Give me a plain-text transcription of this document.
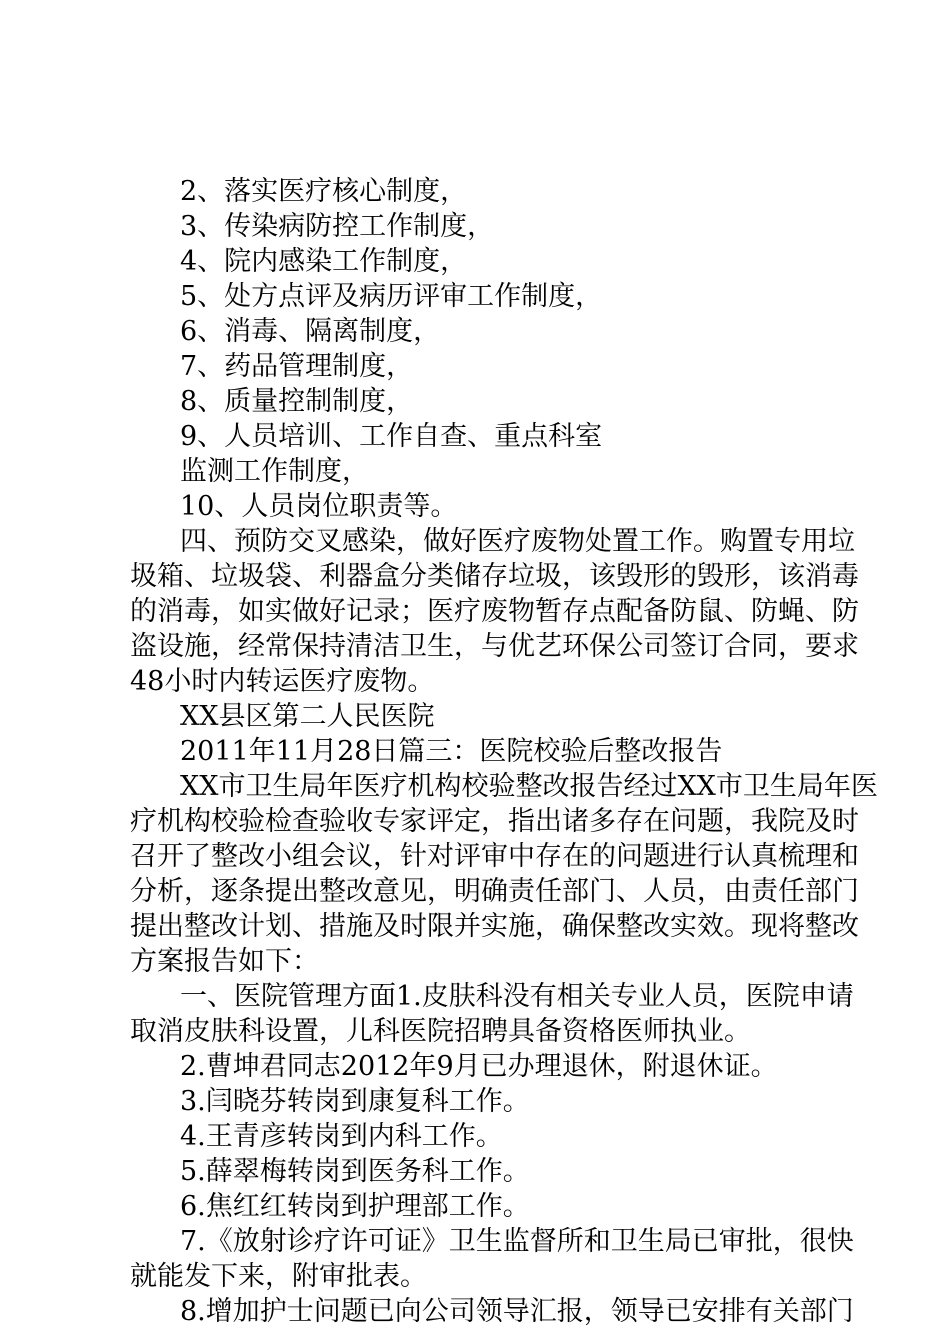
2、落实医疗核心制度，
3、传染病防控工作制度，
4、院内感染工作制度，
5、处方点评及病历评审工作制度，
6、消毒、隔离制度，
7、药品管理制度，
8、质量控制制度，
9、人员培训、工作自查、重点科室
监测工作制度，
10、人员岗位职责等。
四、预防交叉感染，做好医疗废物处置工作。购置专用垃
圾箱、垃圾袋、利器盒分类储存垃圾，该毁形的毁形，该消毒
的消毒，如实做好记录；医疗废物暂存点配备防鼠、防蝇、防
盗设施，经常保持清洁卫生，与优艺环保公司签订合同，要求
48小时内转运医疗废物。
XX县区第二人民医院
2011年11月28日篇三：医院校验后整改报告
XX市卫生局年医疗机构校验整改报告经过XX市卫生局年医
疗机构校验检查验收专家评定，指出诸多存在问题，我院及时
召开了整改小组会议，针对评审中存在的问题进行认真梳理和
分析，逐条提出整改意见，明确责任部门、人员，由责任部门
提出整改计划、措施及时限并实施，确保整改实效。现将整改
方案报告如下：
一、医院管理方面1.皮肤科没有相关专业人员，医院申请
取消皮肤科设置，儿科医院招聘具备资格医师执业。
2.曹坤君同志2012年9月已办理退休，附退休证。
3.闫晓芬转岗到康复科工作。
4.王青彦转岗到内科工作。
5.薛翠梅转岗到医务科工作。
6.焦红红转岗到护理部工作。
7.《放射诊疗许可证》卫生监督所和卫生局已审批，很快
就能发下来，附审批表。
8.增加护士问题已向公司领导汇报，领导已安排有关部门
